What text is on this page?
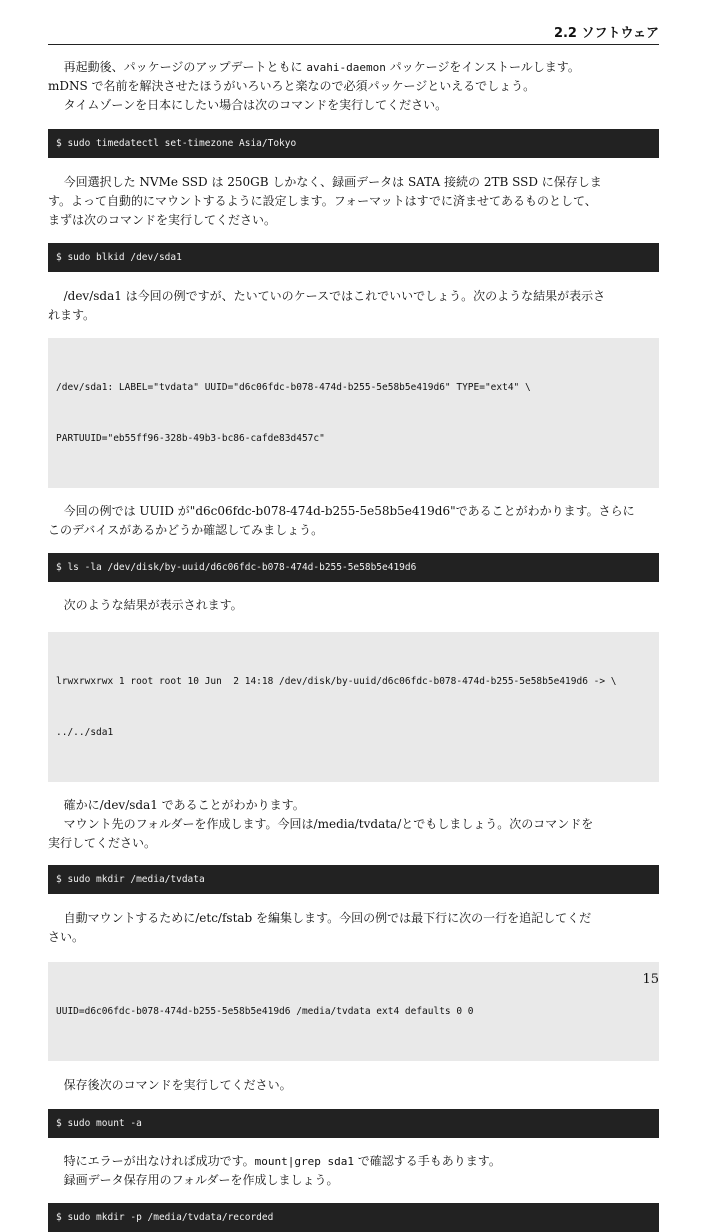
2.2 ソフトウェア

再起動後、パッケージのアップデートともに avahi-daemon パッケージをインストールします。

mDNS で名前を解決させたほうがいろいろと楽なので必須パッケージといえるでしょう。

タイムゾーンを日本にしたい場合は次のコマンドを実行してください。

$ sudo timedatectl set-timezone Asia/Tokyo

今回選択した NVMe SSD は 250GB しかなく、録画データは SATA 接続の 2TB SSD に保存しま

す。よって自動的にマウントするように設定します。フォーマットはすでに済ませてあるものとして、

まずは次のコマンドを実行してください。

$ sudo blkid /dev/sda1

/dev/sda1 は今回の例ですが、たいていのケースではこれでいいでしょう。次のような結果が表示さ

れます。

/dev/sda1: LABEL="tvdata" UUID="d6c06fdc-b078-474d-b255-5e58b5e419d6" TYPE="ext4" \

PARTUUID="eb55ff96-328b-49b3-bc86-cafde83d457c"

今回の例では UUID が"d6c06fdc-b078-474d-b255-5e58b5e419d6"であることがわかります。さらに

このデバイスがあるかどうか確認してみましょう。

$ ls -la /dev/disk/by-uuid/d6c06fdc-b078-474d-b255-5e58b5e419d6

次のような結果が表示されます。

lrwxrwxrwx 1 root root 10 Jun  2 14:18 /dev/disk/by-uuid/d6c06fdc-b078-474d-b255-5e58b5e419d6 -> \

../../sda1

確かに/dev/sda1 であることがわかります。

マウント先のフォルダーを作成します。今回は/media/tvdata/とでもしましょう。次のコマンドを

実行してください。

$ sudo mkdir /media/tvdata

自動マウントするために/etc/fstab を編集します。今回の例では最下行に次の一行を追記してくだ

さい。

UUID=d6c06fdc-b078-474d-b255-5e58b5e419d6 /media/tvdata ext4 defaults 0 0

保存後次のコマンドを実行してください。

$ sudo mount -a

特にエラーが出なければ成功です。mount|grep sda1 で確認する手もあります。

録画データ保存用のフォルダーを作成しましょう。

$ sudo mkdir -p /media/tvdata/recorded
15
